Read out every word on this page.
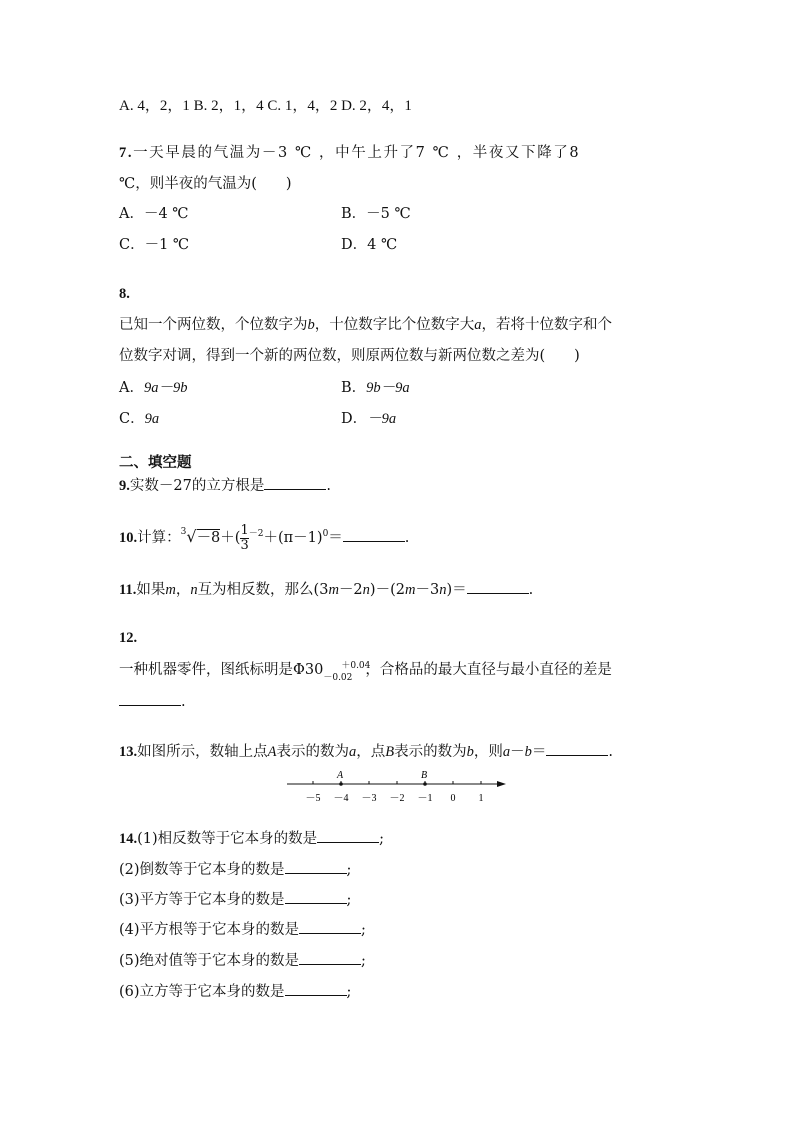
A. 4，2，1 B. 2，1，4 C. 1，4，2 D. 2，4，1
7.一天早晨的气温为－3 ℃ ，中午上升了7 ℃ ，半夜又下降了8
℃，则半夜的气温为(　　)
A．－4 ℃	B．－5 ℃
C．－1 ℃	D．4 ℃
8.
已知一个两位数，个位数字为b，十位数字比个位数字大a，若将十位数字和个
位数字对调，得到一个新的两位数，则原两位数与新两位数之差为(　　)
A．9a－9b	B．9b－9a
C．9a	D．－9a
二、填空题
9.实数－27的立方根是	.
10.计算：$^3√-8+( \frac{1}{3} ^{-2}+(\pi-1)^0=$	.
11.如果m，n互为相反数，那么(3m－2n)－(2m－3n)＝	.
12.
一种机器零件，图纸标明是Φ30 －0.02
＋0.04
，合格品的最大直径与最小直径的差是
.
13.如图所示，数轴上点A表示的数为a，点B表示的数为b，则a－b＝	.
－5 －4 －3 －2 －1 0 1
A	B
14.(1)相反数等于它本身的数是	;
(2)倒数等于它本身的数是	;
(3)平方等于它本身的数是	;
(4)平方根等于它本身的数是	;
(5)绝对值等于它本身的数是	;
(6)立方等于它本身的数是	;
